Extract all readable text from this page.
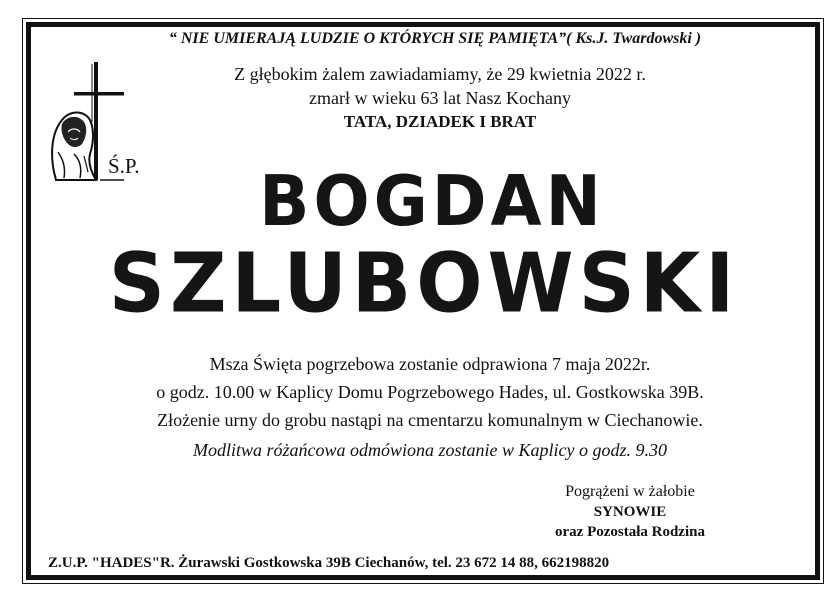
“ NIE UMIERAJĄ LUDZIE O KTÓRYCH SIĘ PAMIĘTA”( Ks.J. Twardowski )
Ś.P.
Z głębokim żalem zawiadamiamy, że 29 kwietnia 2022 r.
zmarł w wieku 63 lat Nasz Kochany
TATA, DZIADEK I BRAT
BOGDAN
SZLUBOWSKI
Msza Święta pogrzebowa zostanie odprawiona 7 maja 2022r.
o godz. 10.00 w Kaplicy Domu Pogrzebowego Hades, ul. Gostkowska 39B.
Złożenie urny do grobu nastąpi na cmentarzu komunalnym w Ciechanowie.
Modlitwa różańcowa odmówiona zostanie w Kaplicy o godz. 9.30
Pogrążeni w żałobie
SYNOWIE
oraz Pozostała Rodzina
Z.U.P. "HADES"R. Żurawski Gostkowska 39B Ciechanów, tel. 23 672 14 88, 662198820
